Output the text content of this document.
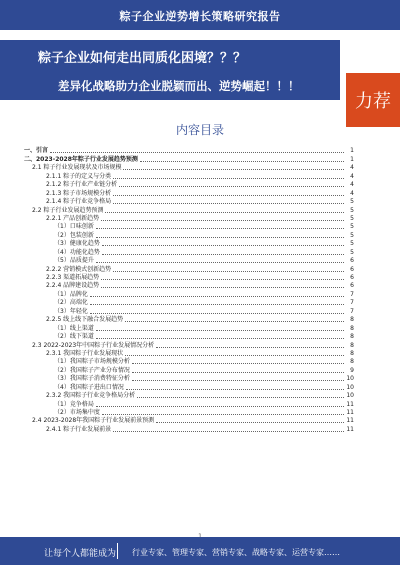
粽子企业逆势增长策略研究报告
粽子企业如何走出同质化困境？？？
差异化战略助力企业脱颖而出、逆势崛起！！！
力荐
内容目录
一、引言	1
二、2023-2028年粽子行业发展趋势预测	1
2.1 粽子行业发展现状及市场规模	4
2.1.1 粽子的定义与分类	4
2.1.2 粽子行业产业链分析	4
2.1.3 粽子市场规模分析	4
2.1.4 粽子行业竞争格局	5
2.2 粽子行业发展趋势预测	5
2.2.1 产品创新趋势	5
（1）口味创新	5
（2）包装创新	5
（3）健康化趋势	5
（4）功能化趋势	5
（5）品质提升	6
2.2.2 营销模式创新趋势	6
2.2.3 渠道拓展趋势	6
2.2.4 品牌建设趋势	6
（1）品牌化	7
（2）高端化	7
（3）年轻化	7
2.2.5 线上线下融合发展趋势	8
（1）线上渠道	8
（2）线下渠道	8
2.3 2022-2023年中国粽子行业发展情况分析	8
2.3.1 我国粽子行业发展现状	8
（1）我国粽子市场规模分析	8
（2）我国粽子产业分布情况	9
（3）我国粽子消费特征分析	10
（4）我国粽子进出口情况	10
2.3.2 我国粽子行业竞争格局分析	10
（1）竞争格局	11
（2）市场集中度	11
2.4 2023-2028年我国粽子行业发展前景预测	11
2.4.1 粽子行业发展前景	11
让每个人都能成为 行业专家、管理专家、营销专家、战略专家、运营专家……
